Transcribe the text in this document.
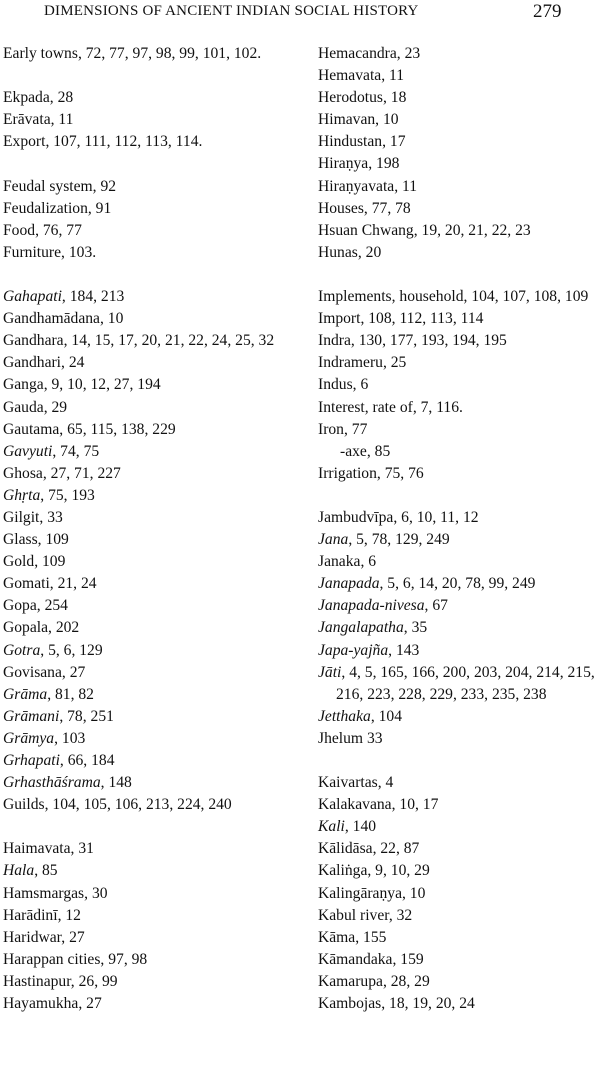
DIMENSIONS OF ANCIENT INDIAN SOCIAL HISTORY	279
Early towns, 72, 77, 97, 98, 99, 101, 102.
Ekpada, 28
Erāvata, 11
Export, 107, 111, 112, 113, 114.
Feudal system, 92
Feudalization, 91
Food, 76, 77
Furniture, 103.
Gahapati, 184, 213
Gandhamādana, 10
Gandhara, 14, 15, 17, 20, 21, 22, 24, 25, 32
Gandhari, 24
Ganga, 9, 10, 12, 27, 194
Gauda, 29
Gautama, 65, 115, 138, 229
Gavyuti, 74, 75
Ghosa, 27, 71, 227
Ghṛta, 75, 193
Gilgit, 33
Glass, 109
Gold, 109
Gomati, 21, 24
Gopa, 254
Gopala, 202
Gotra, 5, 6, 129
Govisana, 27
Grāma, 81, 82
Grāmani, 78, 251
Grāmya, 103
Grhapati, 66, 184
Grhasthāśrama, 148
Guilds, 104, 105, 106, 213, 224, 240
Haimavata, 31
Hala, 85
Hamsmargas, 30
Harādinī, 12
Haridwar, 27
Harappan cities, 97, 98
Hastinapur, 26, 99
Hayamukha, 27
Hemacandra, 23
Hemavata, 11
Herodotus, 18
Himavan, 10
Hindustan, 17
Hiraṇya, 198
Hiraṇyavata, 11
Houses, 77, 78
Hsuan Chwang, 19, 20, 21, 22, 23
Hunas, 20
Implements, household, 104, 107, 108, 109
Import, 108, 112, 113, 114
Indra, 130, 177, 193, 194, 195
Indrameru, 25
Indus, 6
Interest, rate of, 7, 116.
Iron, 77
-axe, 85
Irrigation, 75, 76
Jambudvīpa, 6, 10, 11, 12
Jana, 5, 78, 129, 249
Janaka, 6
Janapada, 5, 6, 14, 20, 78, 99, 249
Janapada-nivesa, 67
Jangalapatha, 35
Japa-yajña, 143
Jāti, 4, 5, 165, 166, 200, 203, 204, 214, 215, 216, 223, 228, 229, 233, 235, 238
Jetthaka, 104
Jhelum 33
Kaivartas, 4
Kalakavana, 10, 17
Kali, 140
Kālidāsa, 22, 87
Kaliṅga, 9, 10, 29
Kalingāraṇya, 10
Kabul river, 32
Kāma, 155
Kāmandaka, 159
Kamarupa, 28, 29
Kambojas, 18, 19, 20, 24
